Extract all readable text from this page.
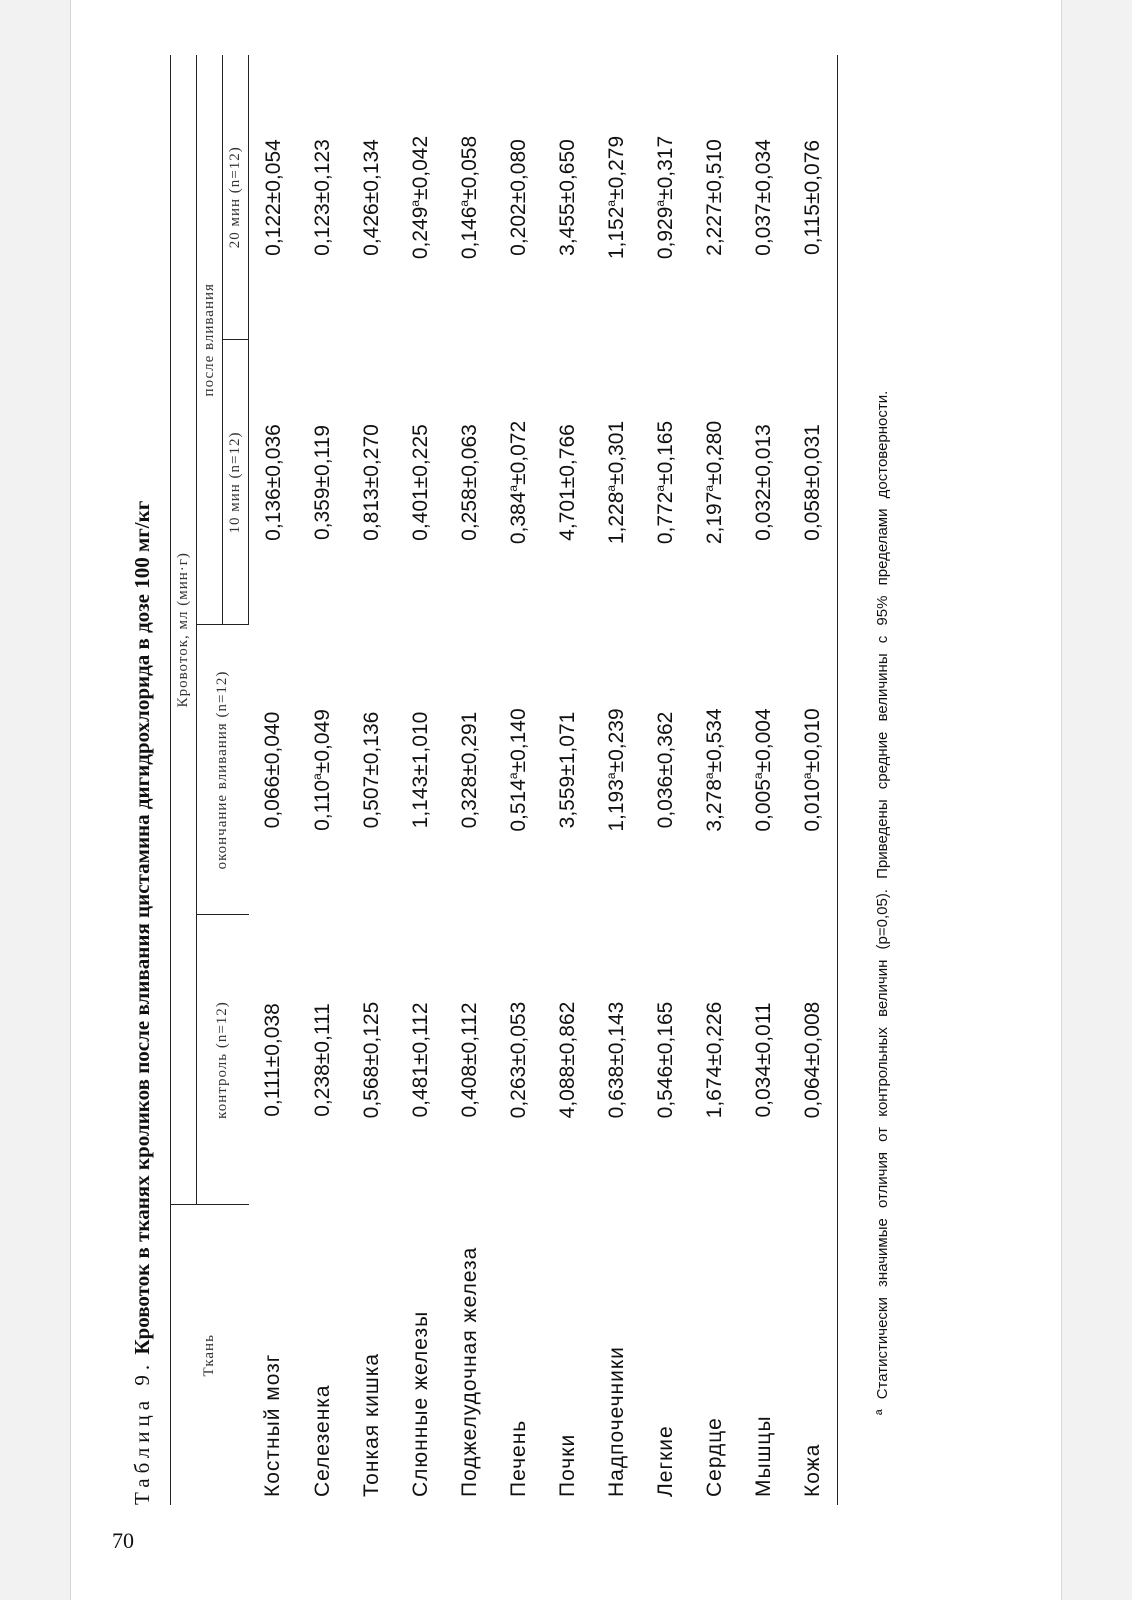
70
Таблица 9. Кровоток в тканях кроликов после вливания цистамина дигидрохлорида в дозе 100 мг/кг
Ткань	Кровоток, мл (мин·г)			
	контроль (n=12)	окончание вливания (n=12)	после вливания	
			10 мин (n=12)	20 мин (n=12)
Костный мозг	0,111±0,038	0,066±0,040	0,136±0,036	0,122±0,054
Селезенка	0,238±0,111	0,110$^a$±0,049	0,359±0,119	0,123±0,123
Тонкая кишка	0,568±0,125	0,507±0,136	0,813±0,270	0,426±0,134
Слюнные железы	0,481±0,112	1,143±1,010	0,401±0,225	0,249$^a$±0,042
Поджелудочная железа	0,408±0,112	0,328±0,291	0,258±0,063	0,146$^a$±0,058
Печень	0,263±0,053	0,514$^a$±0,140	0,384$^a$±0,072	0,202±0,080
Почки	4,088±0,862	3,559±1,071	4,701±0,766	3,455±0,650
Надпочечники	0,638±0,143	1,193$^a$±0,239	1,228$^a$±0,301	1,152$^a$±0,279
Легкие	0,546±0,165	0,036±0,362	0,772$^a$±0,165	0,929$^a$±0,317
Сердце	1,674±0,226	3,278$^a$±0,534	2,197$^a$±0,280	2,227±0,510
Мышцы	0,034±0,011	0,005$^a$±0,004	0,032±0,013	0,037±0,034
Кожа	0,064±0,008	0,010$^a$±0,010	0,058±0,031	0,115±0,076
ª Статистически значимые отличия от контрольных величин (p=0,05). Приведены средние величины с 95% пределами достоверности.
